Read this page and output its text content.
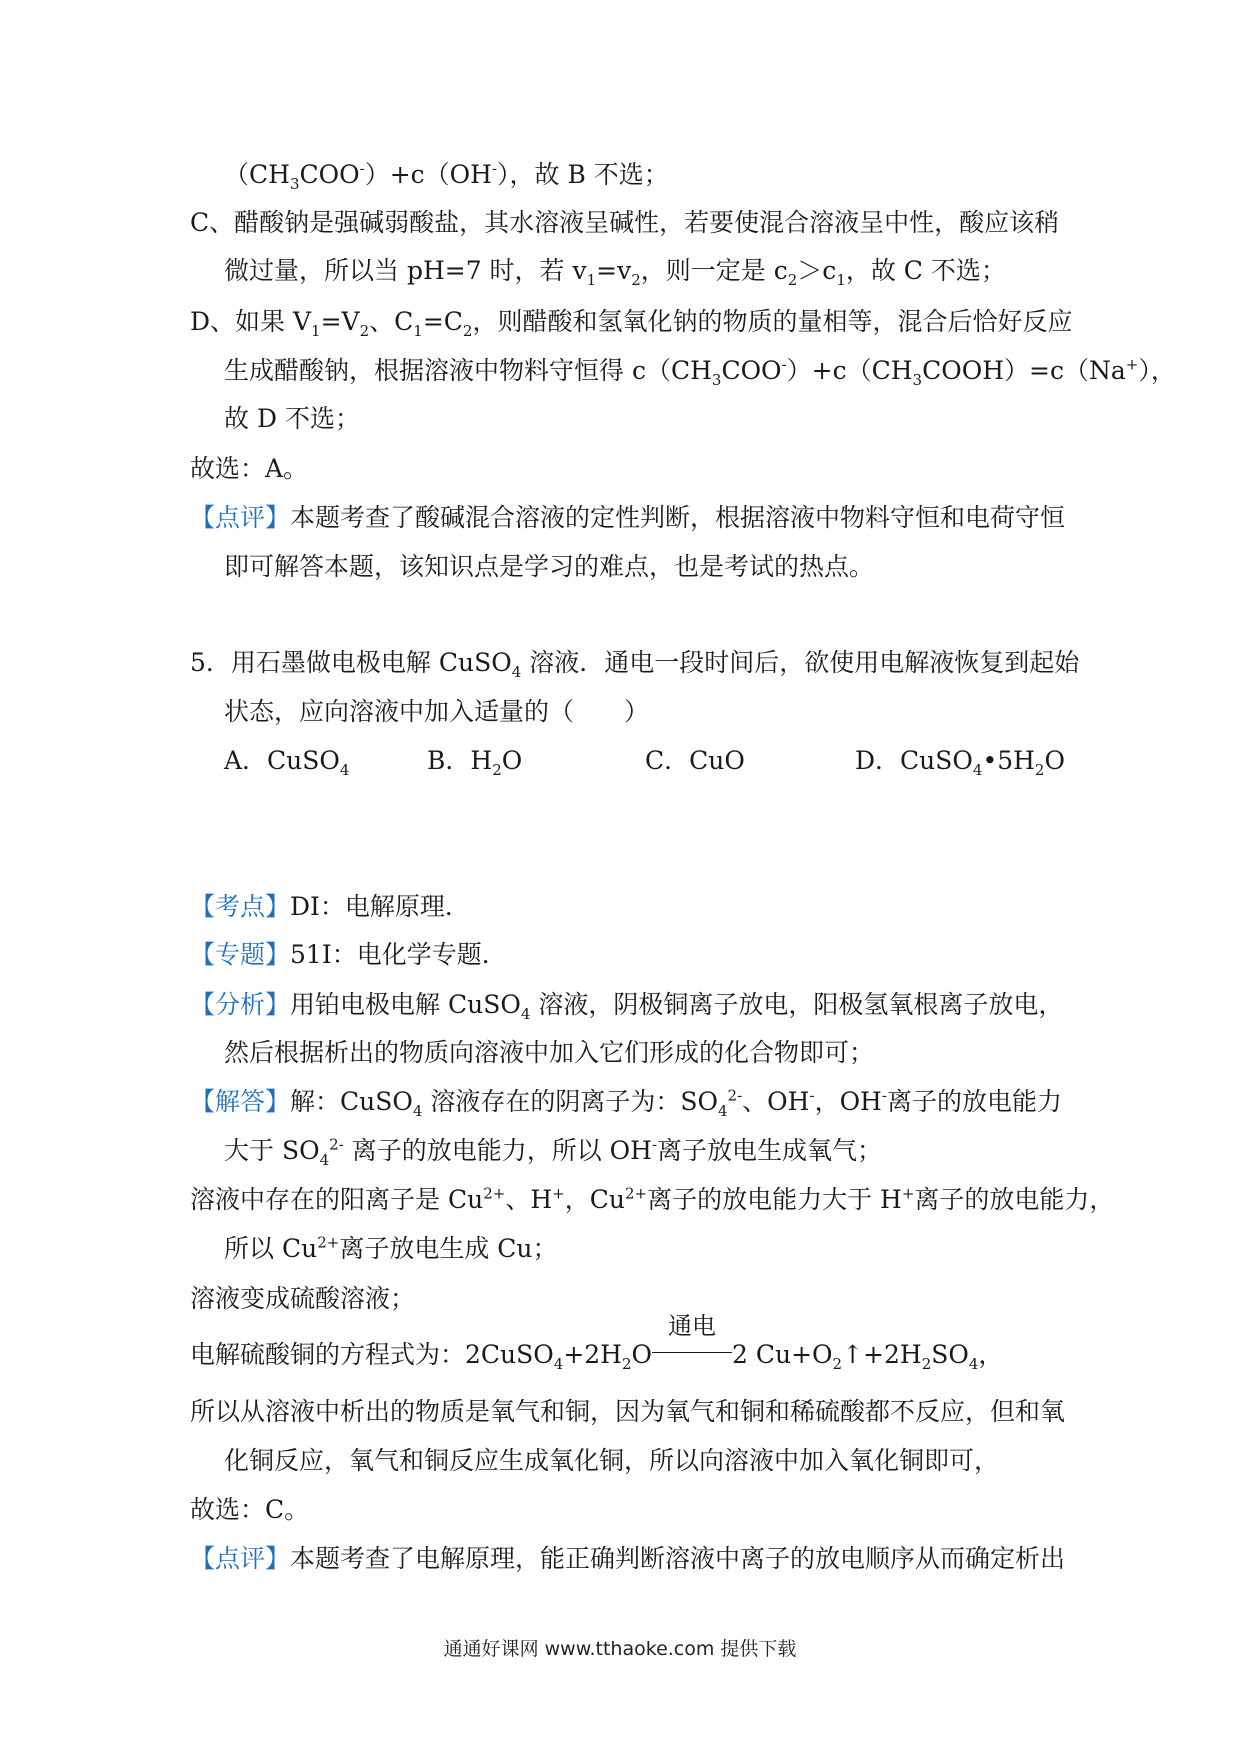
$(CH_3COO^-)+c(OH^-)$，故 B 不选；
C、醋酸钠是强碱弱酸盐，其水溶液呈碱性，若要使混合溶液呈中性，酸应该稍
微过量，所以当 pH=7 时，若 $v_1=v_2$，则一定是 $c_2>c_1$，故 C 不选；
D、如果 $V_1=V_2$、$C_1=C_2$，则醋酸和氢氧化钠的物质的量相等，混合后恰好反应
生成醋酸钠，根据溶液中物料守恒得 $c(CH_3COO^-)+c(CH_3COOH)=c(Na^+)$，
故 D 不选；
故选：A。
【点评】本题考查了酸碱混合溶液的定性判断，根据溶液中物料守恒和电荷守恒
即可解答本题，该知识点是学习的难点，也是考试的热点。
5．用石墨做电极电解 CuSO$_4$ 溶液．通电一段时间后，欲使用电解液恢复到起始
状态，应向溶液中加入适量的（　　）
A．CuSO$_4$	B．$H_2O$	C．CuO	D．$CuSO_4•5H_2O$
【考点】DI：电解原理．
【专题】51I：电化学专题．
【分析】用铂电极电解 CuSO$_4$ 溶液，阴极铜离子放电，阳极氢氧根离子放电，
然后根据析出的物质向溶液中加入它们形成的化合物即可；
【解答】解：CuSO$_4$ 溶液存在的阴离子为：$SO_4^{2-}$、OH-，OH-离子的放电能力
大于 $SO_4^{2-}$ 离子的放电能力，所以 OH-离子放电生成氧气；
溶液中存在的阳离子是 $Cu^{2+}$、H+，$Cu^{2+}$离子的放电能力大于 H+离子的放电能力，
所以 $Cu^{2+}$离子放电生成 Cu；
溶液变成硫酸溶液；
电解硫酸铜的方程式为：$2CuSO_4+2H_2O$
通电
2 $Cu+O_2↑+2H_2SO_4$，
所以从溶液中析出的物质是氧气和铜，因为氧气和铜和稀硫酸都不反应，但和氧
化铜反应，氧气和铜反应生成氧化铜，所以向溶液中加入氧化铜即可，
故选：C。
【点评】本题考查了电解原理，能正确判断溶液中离子的放电顺序从而确定析出
通通好课网 www.tthaoke.com 提供下载
